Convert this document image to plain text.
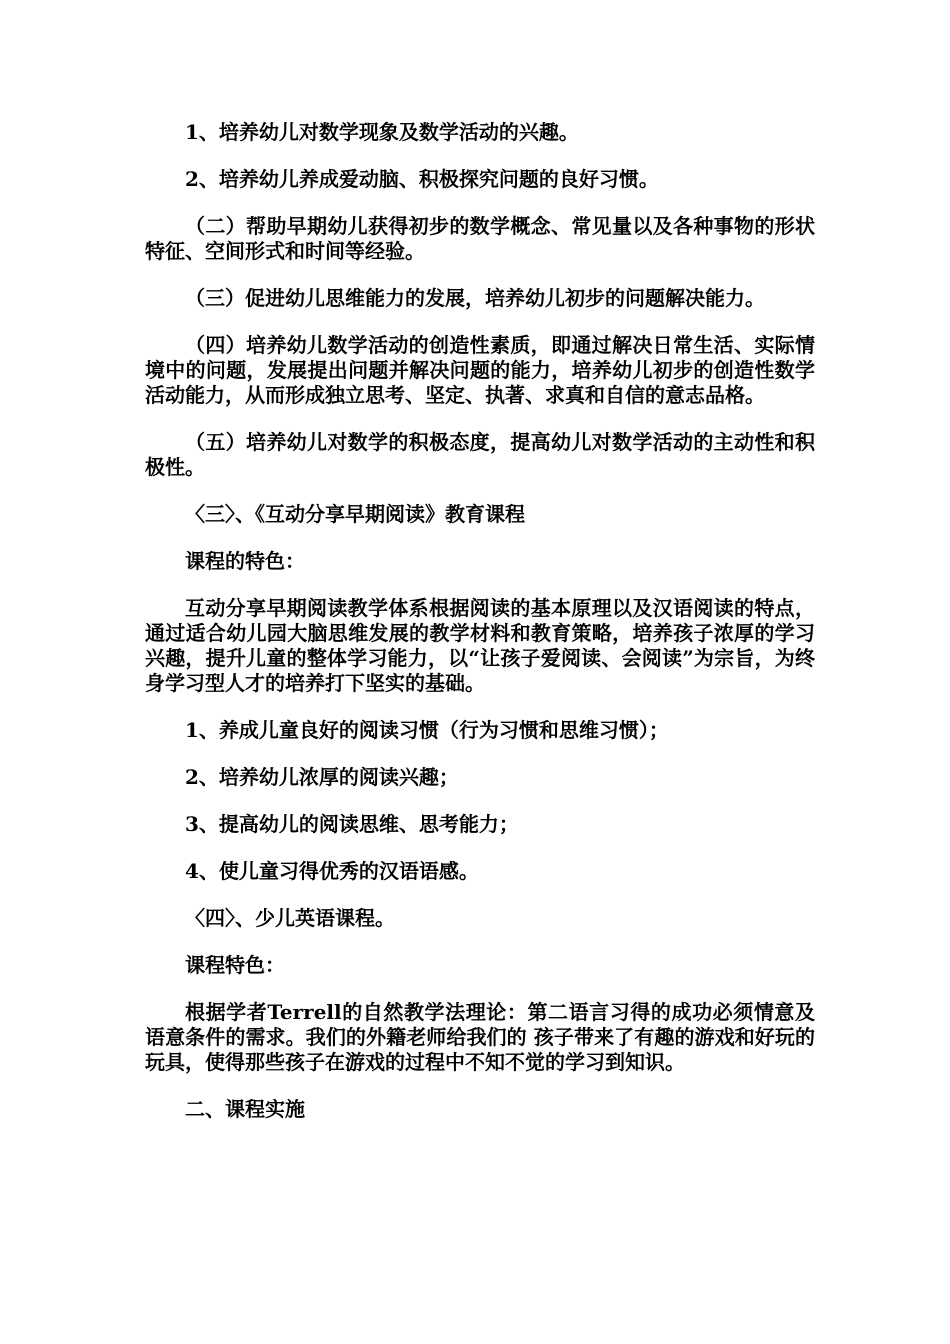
1、培养幼儿对数学现象及数学活动的兴趣。

2、培养幼儿养成爱动脑、积极探究问题的良好习惯。

（二）帮助早期幼儿获得初步的数学概念、常见量以及各种事物的形状特征、空间形式和时间等经验。

（三）促进幼儿思维能力的发展，培养幼儿初步的问题解决能力。

（四）培养幼儿数学活动的创造性素质，即通过解决日常生活、实际情境中的问题，发展提出问题并解决问题的能力，培养幼儿初步的创造性数学活动能力，从而形成独立思考、坚定、执著、求真和自信的意志品格。

（五）培养幼儿对数学的积极态度，提高幼儿对数学活动的主动性和积极性。

〈三〉、《互动分享早期阅读》教育课程

课程的特色：

互动分享早期阅读教学体系根据阅读的基本原理以及汉语阅读的特点，通过适合幼儿园大脑思维发展的教学材料和教育策略，培养孩子浓厚的学习兴趣，提升儿童的整体学习能力，以“让孩子爱阅读、会阅读”为宗旨，为终身学习型人才的培养打下坚实的基础。

1、养成儿童良好的阅读习惯（行为习惯和思维习惯）；

2、培养幼儿浓厚的阅读兴趣；

3、提高幼儿的阅读思维、思考能力；

4、使儿童习得优秀的汉语语感。

〈四〉、少儿英语课程。

课程特色：

根据学者Terrell的自然教学法理论：第二语言习得的成功必须情意及语意条件的需求。我们的外籍老师给我们的 孩子带来了有趣的游戏和好玩的玩具，使得那些孩子在游戏的过程中不知不觉的学习到知识。

二、课程实施
